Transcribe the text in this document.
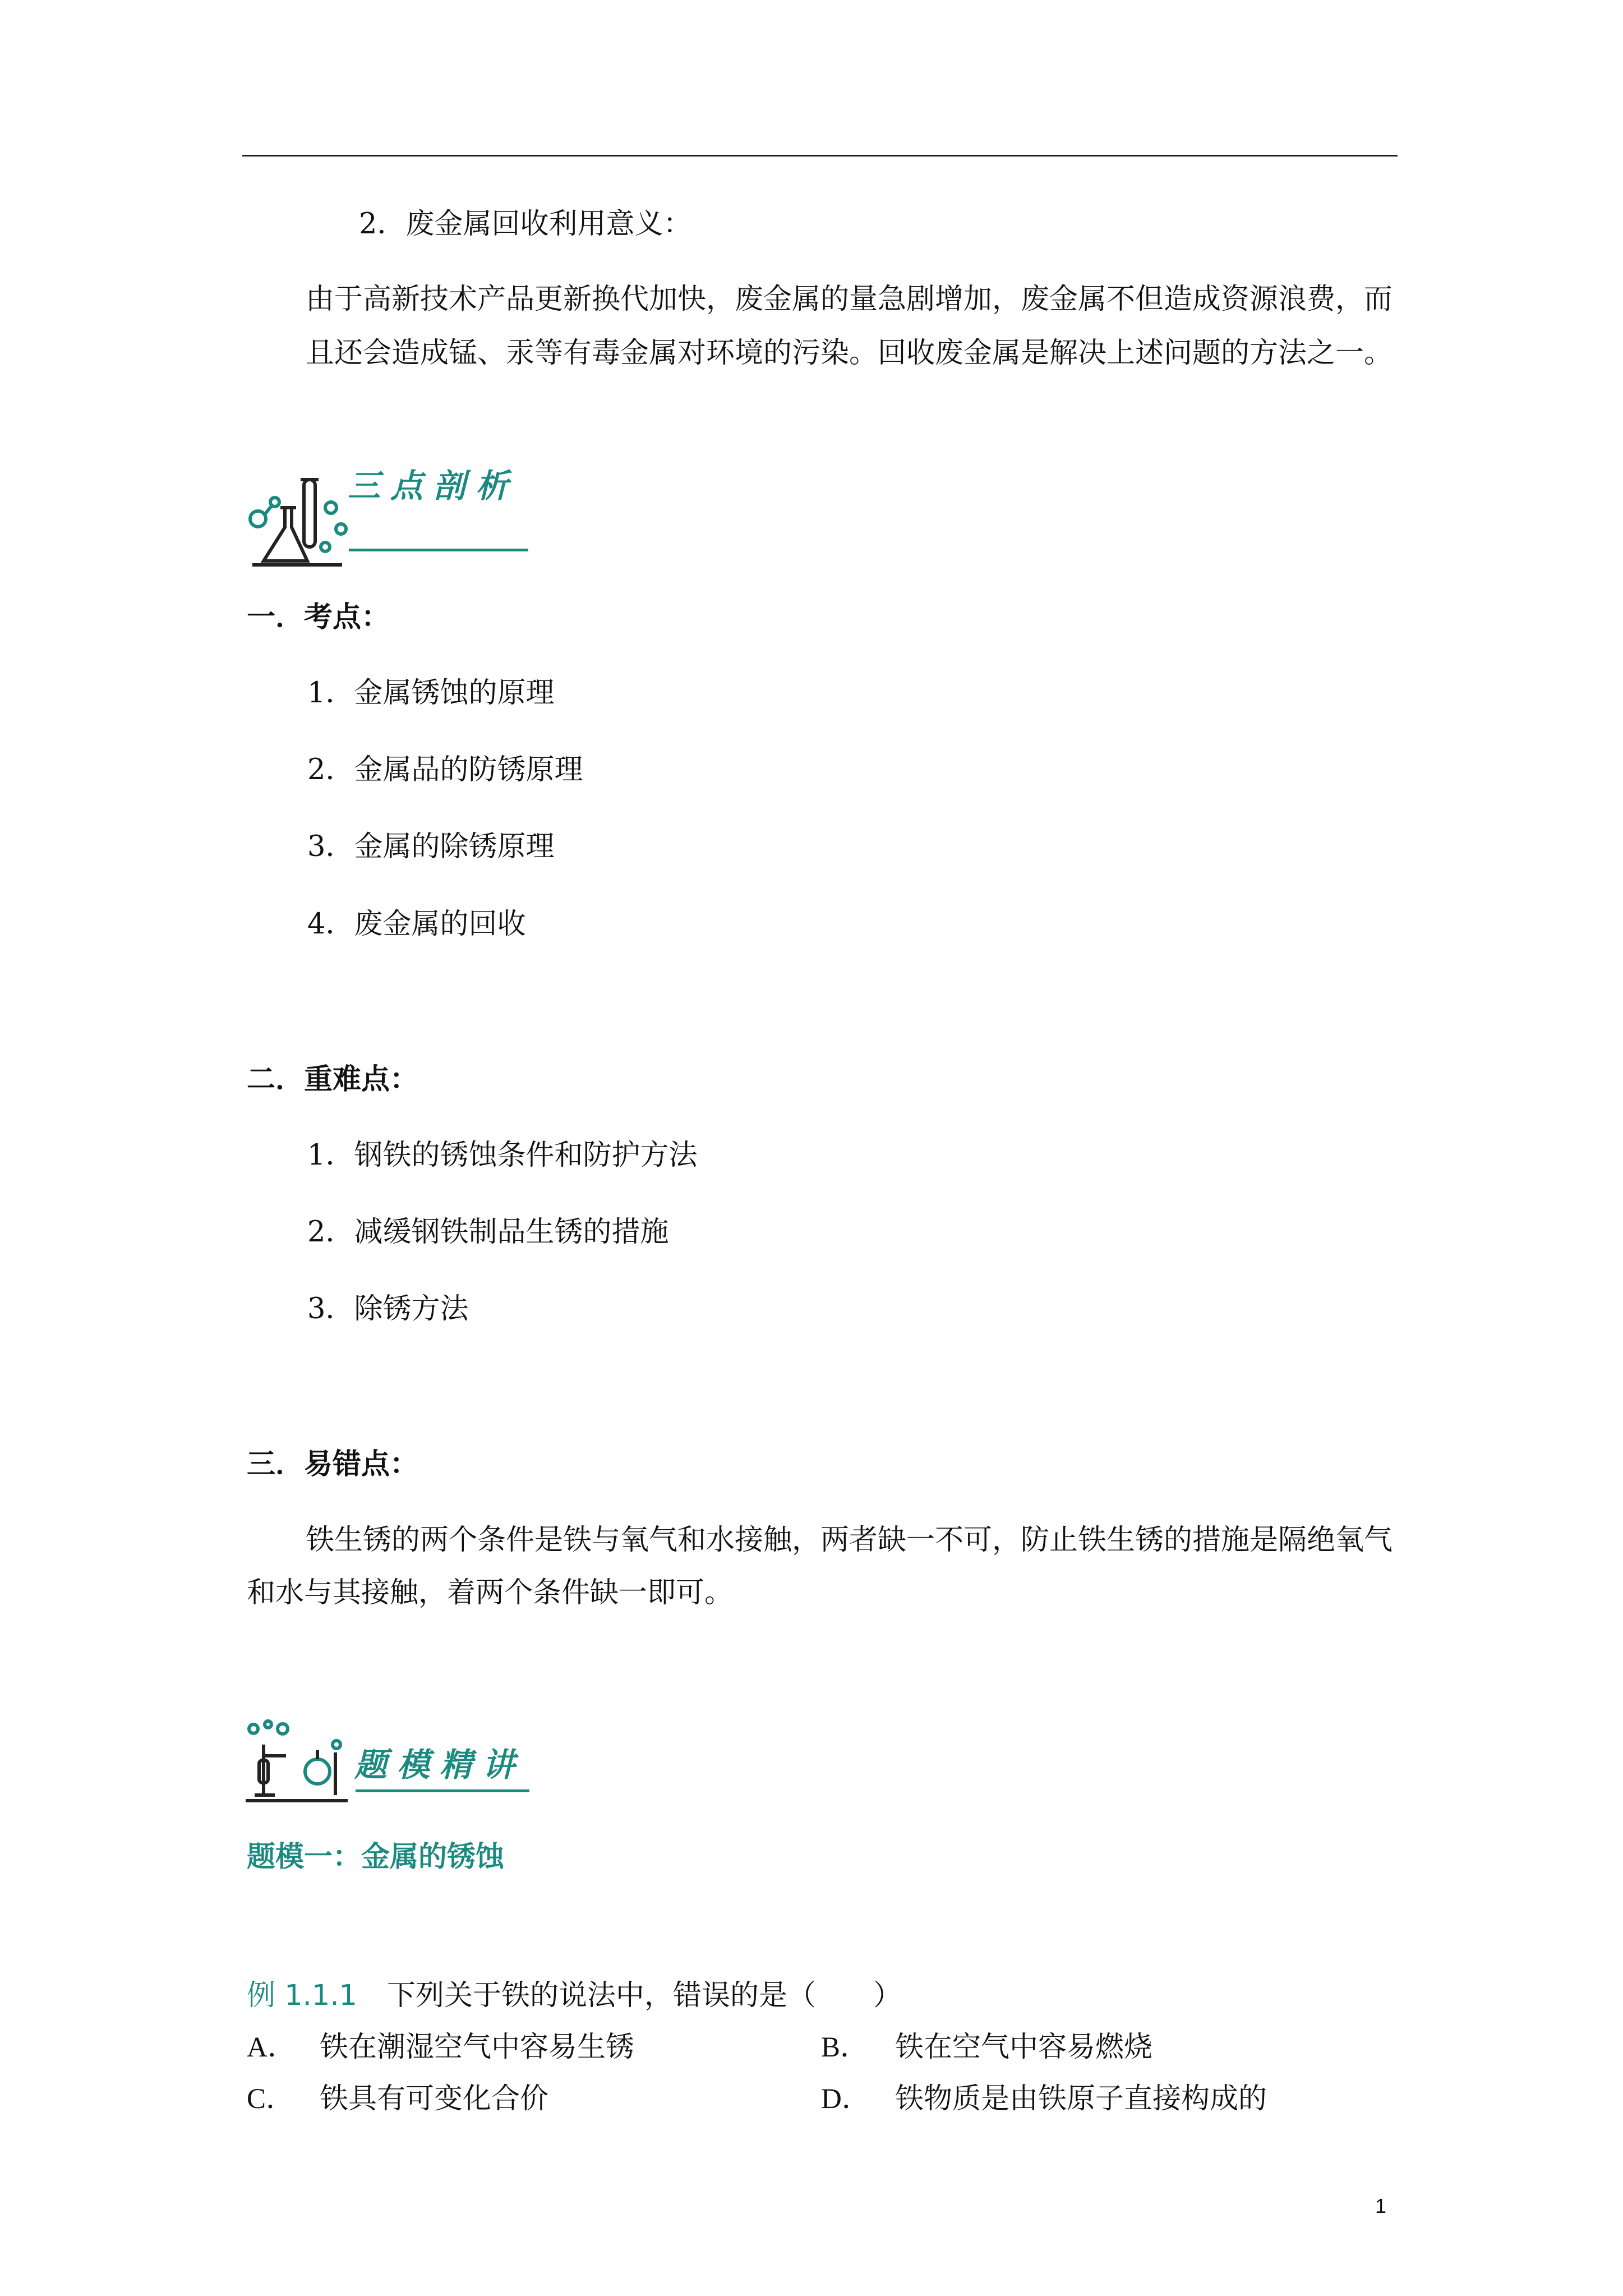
2．废金属回收利用意义：
由于高新技术产品更新换代加快，废金属的量急剧增加，废金属不但造成资源浪费，而
且还会造成锰、汞等有毒金属对环境的污染。回收废金属是解决上述问题的方法之一。
三点剖析
一．考点：
1．金属锈蚀的原理
2．金属品的防锈原理
3．金属的除锈原理
4．废金属的回收
二．重难点：
1．钢铁的锈蚀条件和防护方法
2．减缓钢铁制品生锈的措施
3．除锈方法
三．易错点：
铁生锈的两个条件是铁与氧气和水接触，两者缺一不可，防止铁生锈的措施是隔绝氧气
和水与其接触，着两个条件缺一即可。
题模精讲
题模一：金属的锈蚀
例 1.1.1 下列关于铁的说法中，错误的是（　　）
A． 铁在潮湿空气中容易生锈	B． 铁在空气中容易燃烧
C． 铁具有可变化合价	D． 铁物质是由铁原子直接构成的
1
